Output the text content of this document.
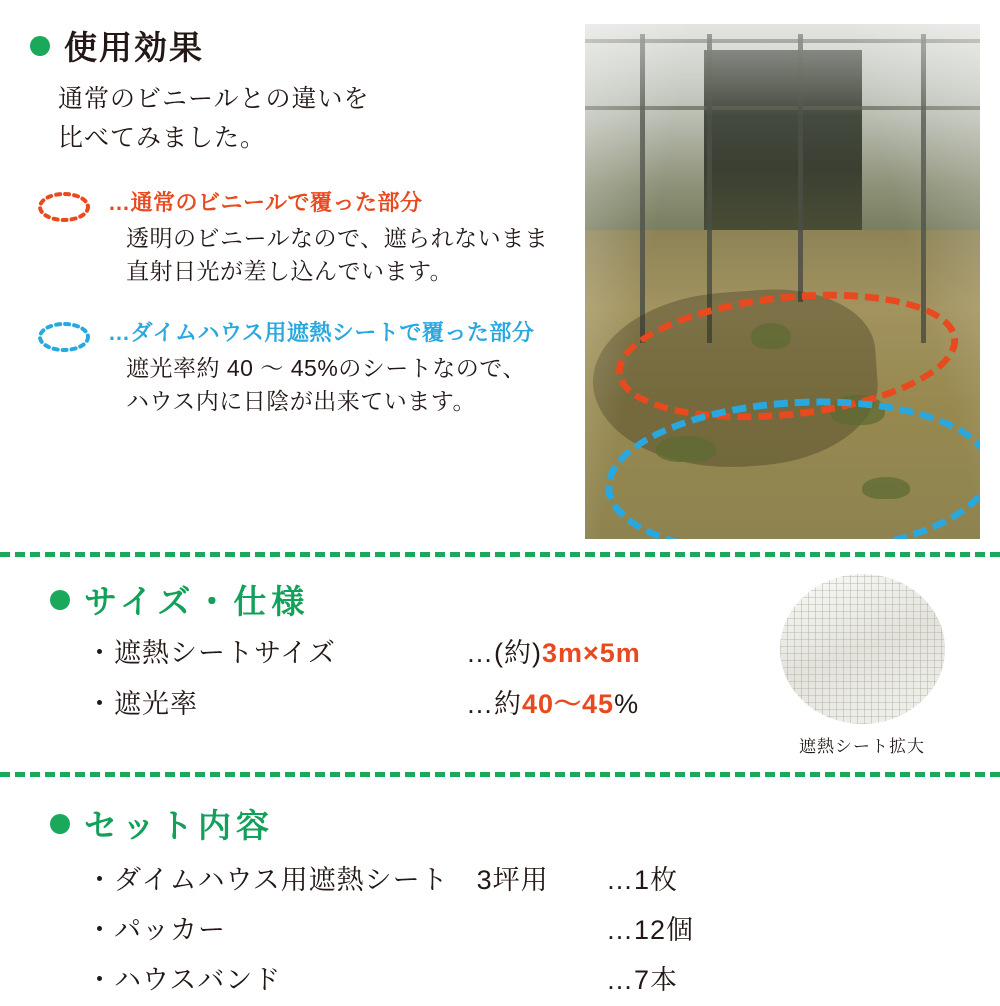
使用効果
通常のビニールとの違いを
比べてみました。
…通常のビニールで覆った部分
透明のビニールなので、遮られないまま
直射日光が差し込んでいます。
…ダイムハウス用遮熱シートで覆った部分
遮光率約 40 ～ 45%のシートなので、
ハウス内に日陰が出来ています。
サイズ・仕様
・遮熱シートサイズ	…(約) 3m×5m
・遮光率	…約 40～45 %
遮熱シート拡大
セット内容
・ダイムハウス用遮熱シート　3坪用	…1枚
・パッカー	…12個
・ハウスバンド	…7本
